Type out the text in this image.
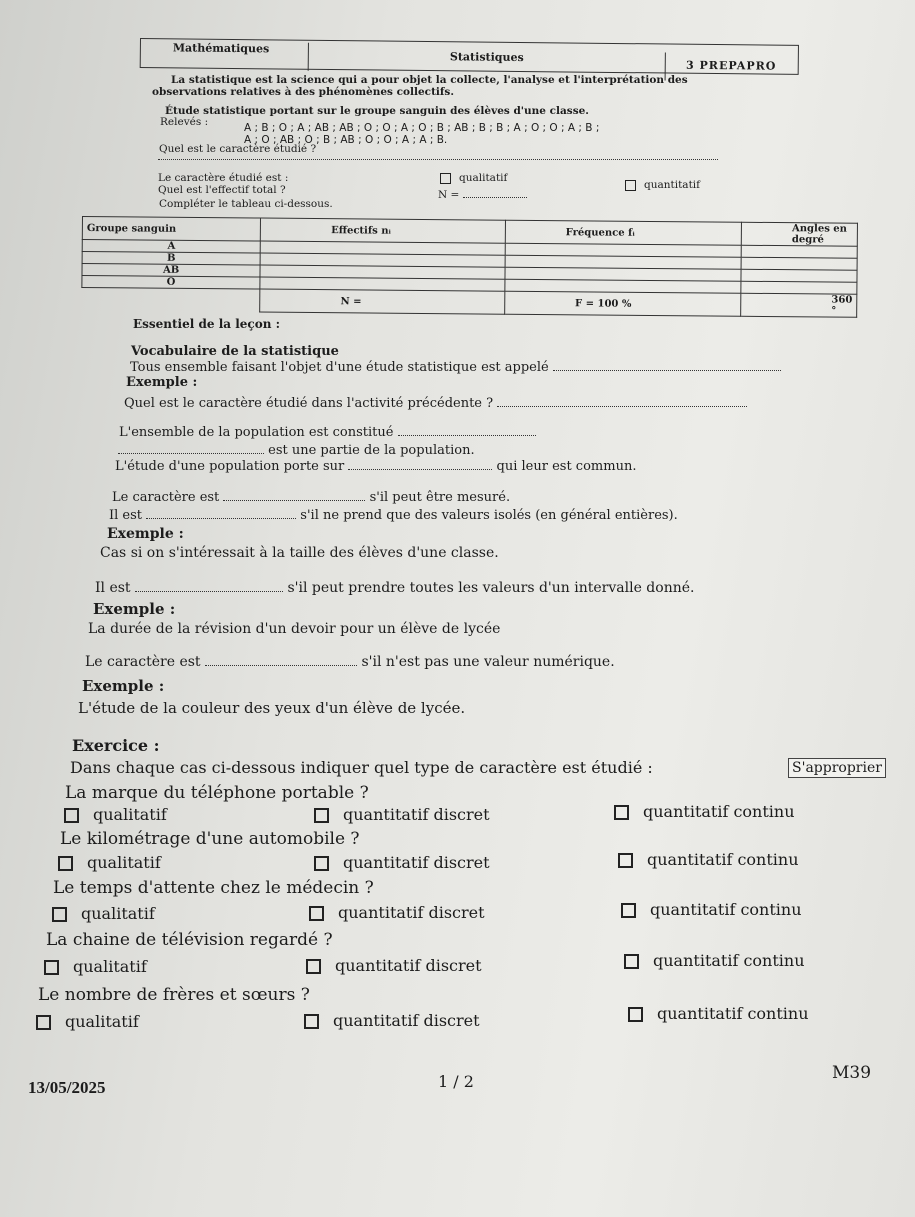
Mathématiques
Statistiques
3 PREPAPRO
La statistique est la science qui a pour objet la collecte, l'analyse et l'interprétation des
observations relatives à des phénomènes collectifs.
Étude statistique portant sur le groupe sanguin des élèves d'une classe.
Relevés :	A ; B ; O ; A ; AB ; AB ; O ; O ; A ; O ; B ; AB ; B ; B ; A ; O ; O ; A ; B ;
A ; O ; AB ; O ; B ; AB ; O ; O ; A ; A ; B.
Quel est le caractère étudié ?
Le caractère étudié est :	qualitatif
quantitatif
Quel est l'effectif total ?	N =
Compléter le tableau ci-dessous.
Groupe sanguin	Effectifs nᵢ	Fréquence fᵢ	Angles en degré
A			
B			
AB			
O			
	N =	F = 100 %	360 °
Essentiel de la leçon :
Vocabulaire de la statistique
Tous ensemble faisant l'objet d'une étude statistique est appelé
Exemple :
Quel est le caractère étudié dans l'activité précédente ?
L'ensemble de la population est constitué
est une partie de la population.
L'étude d'une population porte sur	qui leur est commun.
Le caractère est	s'il peut être mesuré.
Il est	s'il ne prend que des valeurs isolés (en général entières).
Exemple :
Cas si on s'intéressait à la taille des élèves d'une classe.
Il est	s'il peut prendre toutes les valeurs d'un intervalle donné.
Exemple :
La durée de la révision d'un devoir pour un élève de lycée
Le caractère est	s'il n'est pas une valeur numérique.
Exemple :
L'étude de la couleur des yeux d'un élève de lycée.
Exercice :
Dans chaque cas ci-dessous indiquer quel type de caractère est étudié :	S'approprier
La marque du téléphone portable ?
qualitatif	quantitatif discret	quantitatif continu
Le kilométrage d'une automobile ?
qualitatif	quantitatif discret	quantitatif continu
Le temps d'attente chez le médecin ?
qualitatif	quantitatif discret	quantitatif continu
La chaine de télévision regardé ?
qualitatif	quantitatif discret	quantitatif continu
Le nombre de frères et sœurs ?
qualitatif	quantitatif discret	quantitatif continu
13/05/2025	1 / 2	M39
